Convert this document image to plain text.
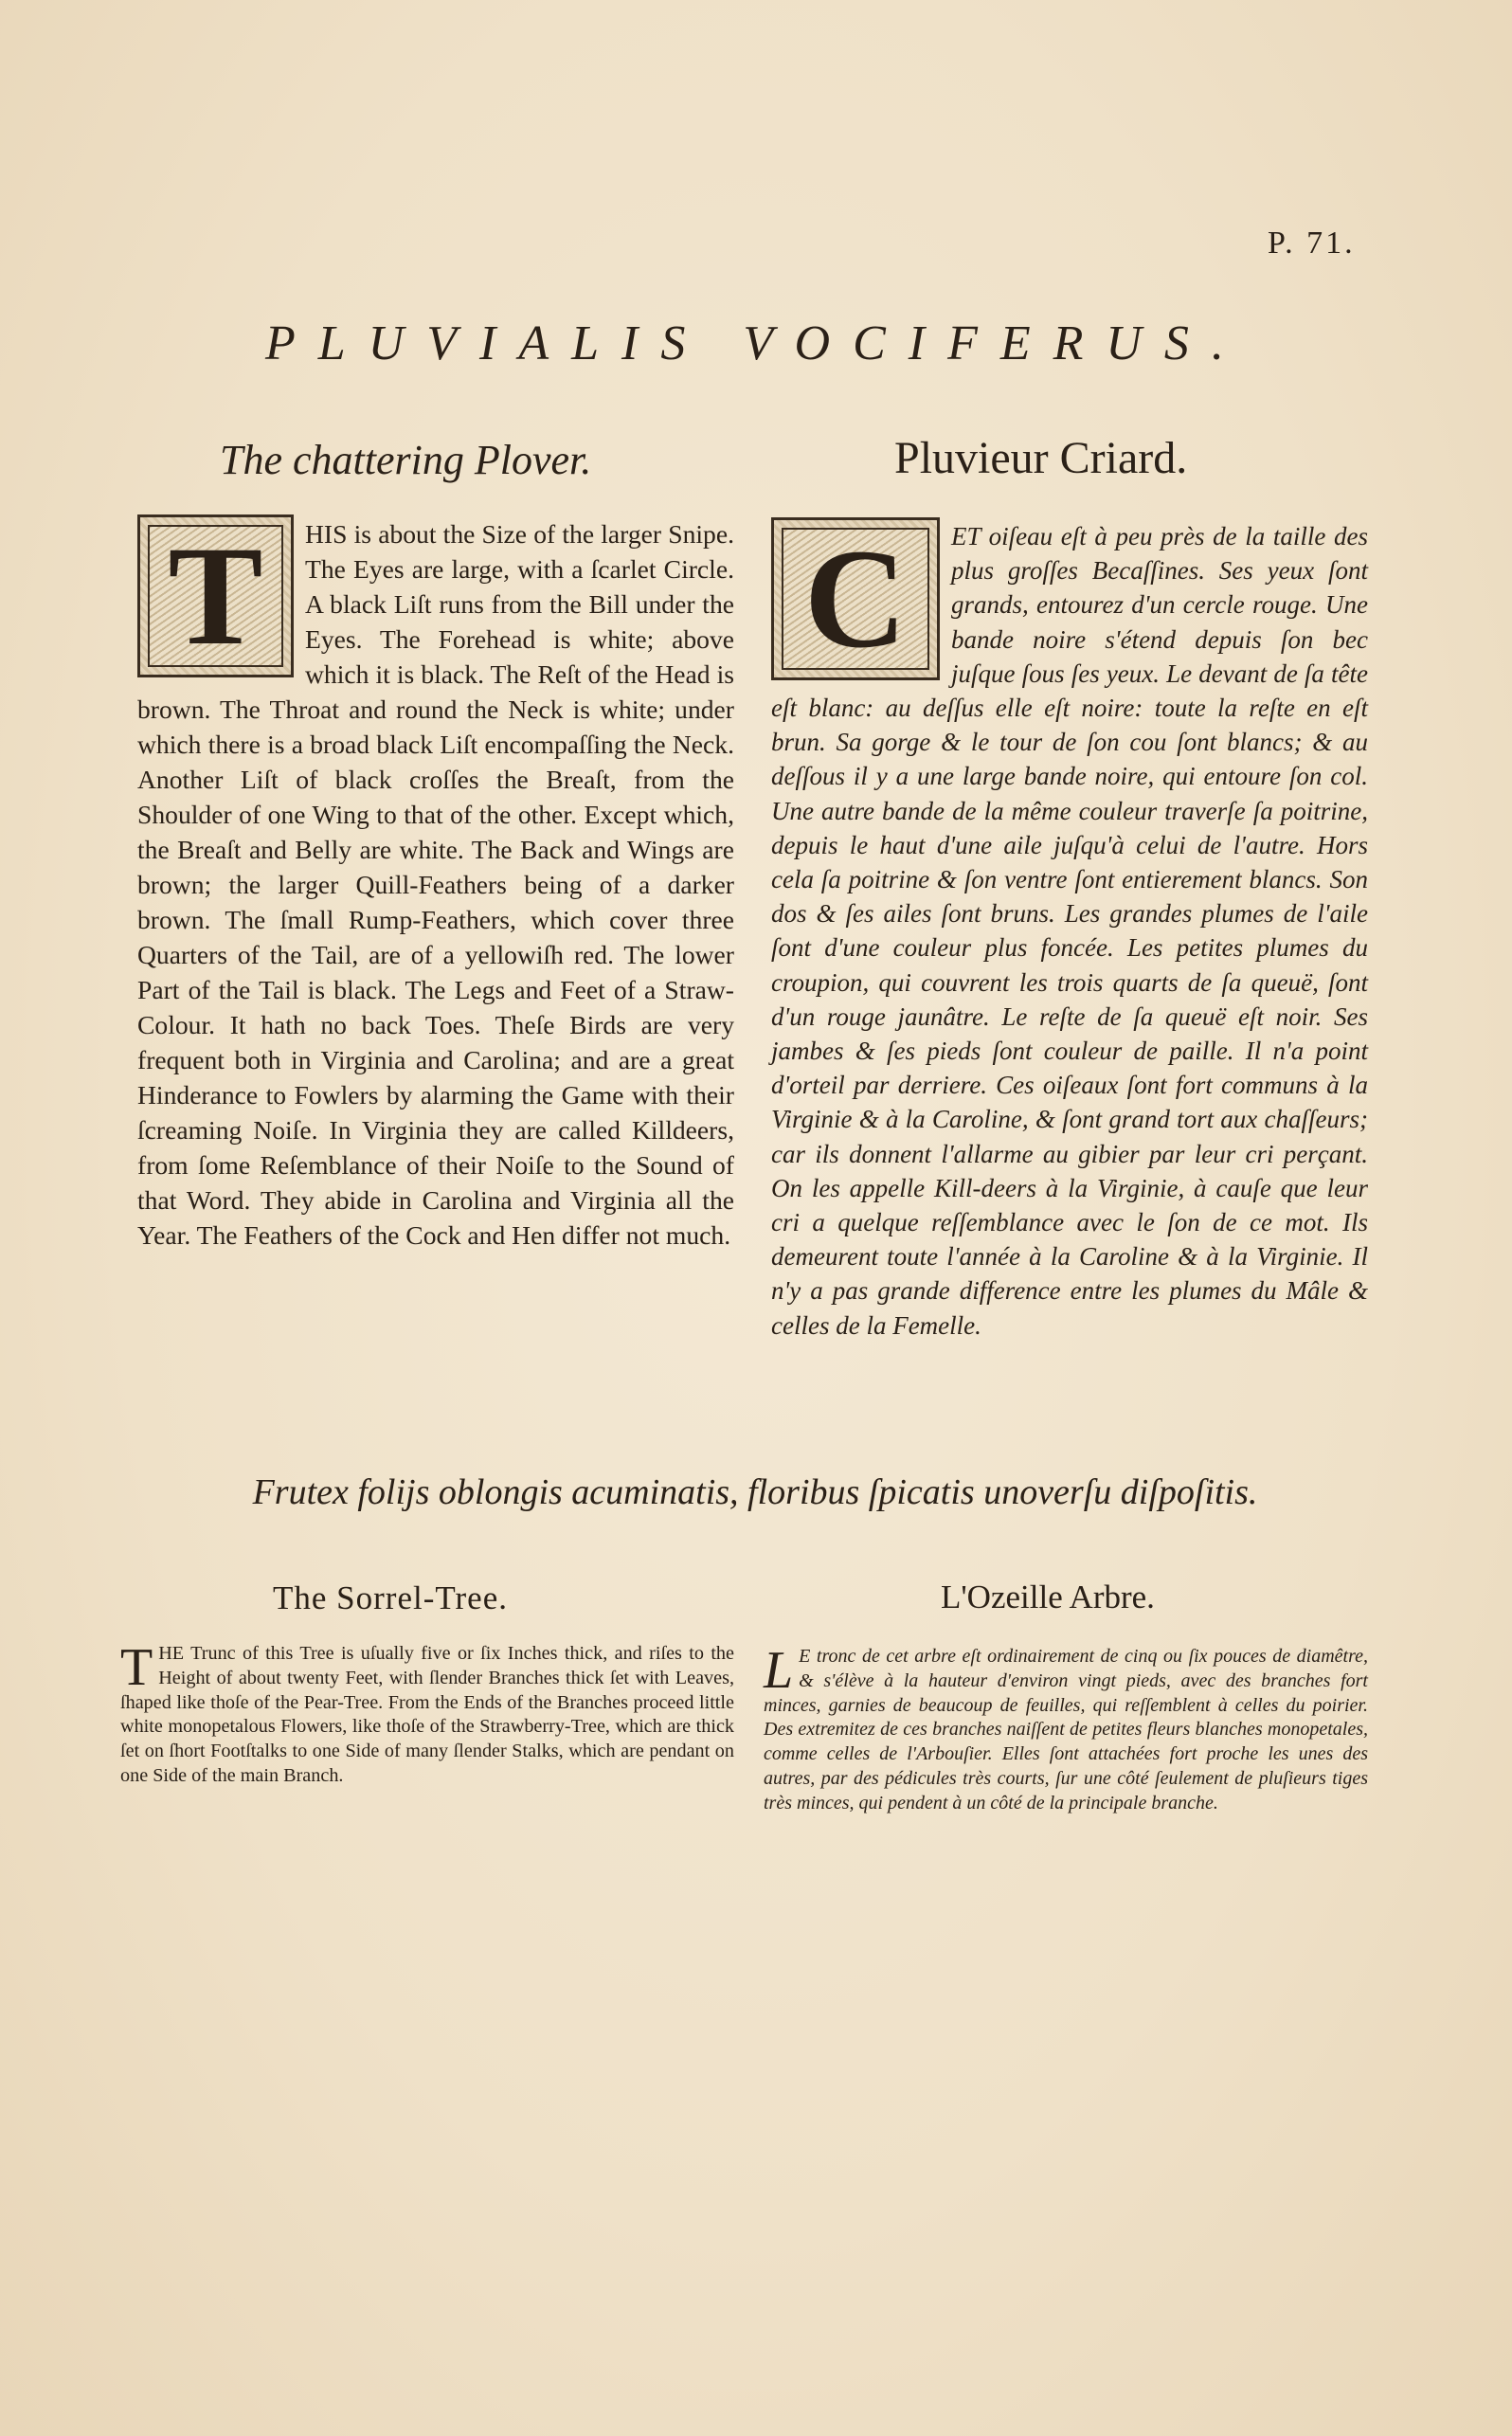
P. 71.
PLUVIALIS VOCIFERUS.
The chattering Plover.	Pluvieur Criard.
T	HIS is about the Size of the larger Snipe. The Eyes are large, with a ſcarlet Circle. A black Liſt runs from the Bill under the Eyes. The Forehead is white; above which it is black. The Reſt of the Head is brown. The Throat and round the Neck is white; under which there is a broad black Liſt encompaſſing the Neck. Another Liſt of black croſſes the Breaſt, from the Shoulder of one Wing to that of the other. Except which, the Breaſt and Belly are white. The Back and Wings are brown; the larger Quill-Feathers being of a darker brown. The ſmall Rump-Feathers, which cover three Quarters of the Tail, are of a yellowiſh red. The lower Part of the Tail is black. The Legs and Feet of a Straw-Colour. It hath no back Toes. Theſe Birds are very frequent both in Virginia and Carolina; and are a great Hinderance to Fowlers by alarming the Game with their ſcreaming Noiſe. In Virginia they are called Killdeers, from ſome Reſemblance of their Noiſe to the Sound of that Word. They abide in Carolina and Virginia all the Year. The Feathers of the Cock and Hen differ not much.

C	ET oiſeau eſt à peu près de la taille des plus groſſes Becaſſines. Ses yeux ſont grands, entourez d'un cercle rouge. Une bande noire s'étend depuis ſon bec juſque ſous ſes yeux. Le devant de ſa tête eſt blanc: au deſſus elle eſt noire: toute la reſte en eſt brun. Sa gorge & le tour de ſon cou ſont blancs; & au deſſous il y a une large bande noire, qui entoure ſon col. Une autre bande de la même couleur traverſe ſa poitrine, depuis le haut d'une aile juſqu'à celui de l'autre. Hors cela ſa poitrine & ſon ventre ſont entierement blancs. Son dos & ſes ailes ſont bruns. Les grandes plumes de l'aile ſont d'une couleur plus foncée. Les petites plumes du croupion, qui couvrent les trois quarts de ſa queuë, ſont d'un rouge jaunâtre. Le reſte de ſa queuë eſt noir. Ses jambes & ſes pieds ſont couleur de paille. Il n'a point d'orteil par derriere. Ces oiſeaux ſont fort communs à la Virginie & à la Caroline, & ſont grand tort aux chaſſeurs; car ils donnent l'allarme au gibier par leur cri perçant. On les appelle Kill-deers à la Virginie, à cauſe que leur cri a quelque reſſemblance avec le ſon de ce mot. Ils demeurent toute l'année à la Caroline & à la Virginie. Il n'y a pas grande difference entre les plumes du Mâle & celles de la Femelle.

Frutex folijs oblongis acuminatis, floribus ſpicatis unoverſu diſpoſitis.
The Sorrel-Tree.	L'Ozeille Arbre.
T HE Trunc of this Tree is uſually five or ſix Inches thick, and riſes to the Height of about twenty Feet, with ſlender Branches thick ſet with Leaves, ſhaped like thoſe of the Pear-Tree. From the Ends of the Branches proceed little white monopetalous Flowers, like thoſe of the Strawberry-Tree, which are thick ſet on ſhort Footſtalks to one Side of many ſlender Stalks, which are pendant on one Side of the main Branch.

L E tronc de cet arbre eſt ordinairement de cinq ou ſix pouces de diamêtre, & s'élève à la hauteur d'environ vingt pieds, avec des branches fort minces, garnies de beaucoup de feuilles, qui reſſemblent à celles du poirier. Des extremitez de ces branches naiſſent de petites fleurs blanches monopetales, comme celles de l'Arbouſier. Elles ſont attachées fort proche les unes des autres, par des pédicules très courts, ſur une côté ſeulement de pluſieurs tiges très minces, qui pendent à un côté de la principale branche.
